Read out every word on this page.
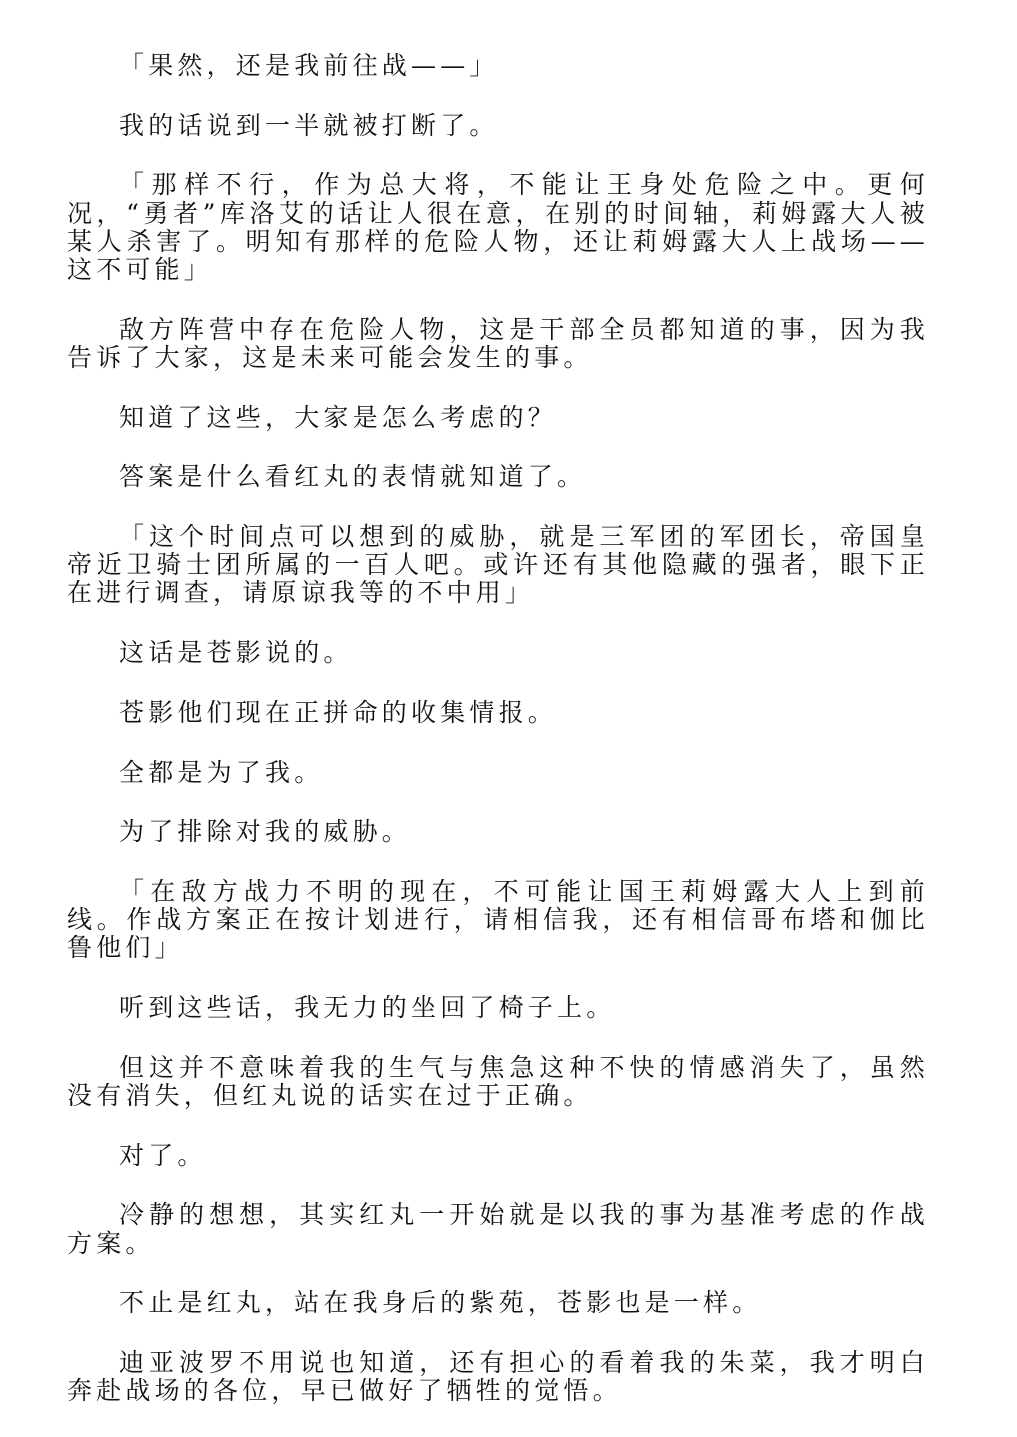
「果然，还是我前往战——」

我的话说到一半就被打断了。

「那样不行，作为总大将，不能让王身处危险之中。更何况，“勇者”库洛艾的话让人很在意，在别的时间轴，莉姆露大人被某人杀害了。明知有那样的危险人物，还让莉姆露大人上战场——这不可能」

敌方阵营中存在危险人物，这是干部全员都知道的事，因为我告诉了大家，这是未来可能会发生的事。

知道了这些，大家是怎么考虑的？

答案是什么看红丸的表情就知道了。

「这个时间点可以想到的威胁，就是三军团的军团长，帝国皇帝近卫骑士团所属的一百人吧。或许还有其他隐藏的强者，眼下正在进行调查，请原谅我等的不中用」

这话是苍影说的。

苍影他们现在正拼命的收集情报。

全都是为了我。

为了排除对我的威胁。

「在敌方战力不明的现在，不可能让国王莉姆露大人上到前线。作战方案正在按计划进行，请相信我，还有相信哥布塔和伽比鲁他们」

听到这些话，我无力的坐回了椅子上。

但这并不意味着我的生气与焦急这种不快的情感消失了，虽然没有消失，但红丸说的话实在过于正确。

对了。

冷静的想想，其实红丸一开始就是以我的事为基准考虑的作战方案。

不止是红丸，站在我身后的紫苑，苍影也是一样。

迪亚波罗不用说也知道，还有担心的看着我的朱菜，我才明白奔赴战场的各位，早已做好了牺牲的觉悟。
